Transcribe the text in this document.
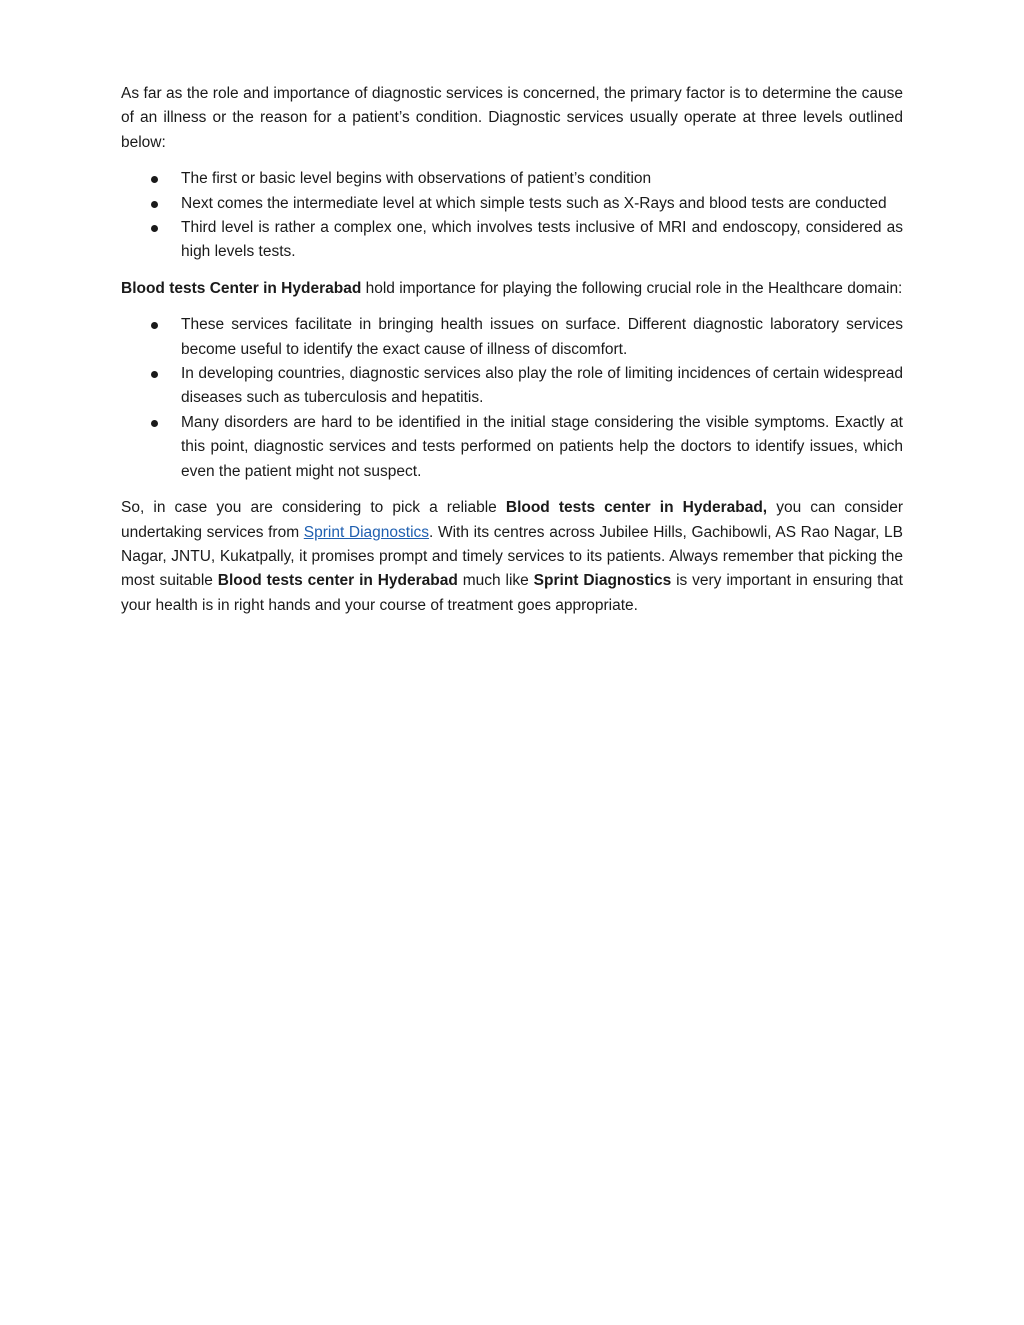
As far as the role and importance of diagnostic services is concerned, the primary factor is to determine the cause of an illness or the reason for a patient’s condition. Diagnostic services usually operate at three levels outlined below:

The first or basic level begins with observations of patient’s condition
Next comes the intermediate level at which simple tests such as X-Rays and blood tests are conducted
Third level is rather a complex one, which involves tests inclusive of MRI and endoscopy, considered as high levels tests.

Blood tests Center in Hyderabad hold importance for playing the following crucial role in the Healthcare domain:

These services facilitate in bringing health issues on surface. Different diagnostic laboratory services become useful to identify the exact cause of illness of discomfort.
In developing countries, diagnostic services also play the role of limiting incidences of certain widespread diseases such as tuberculosis and hepatitis.
Many disorders are hard to be identified in the initial stage considering the visible symptoms. Exactly at this point, diagnostic services and tests performed on patients help the doctors to identify issues, which even the patient might not suspect.

So, in case you are considering to pick a reliable Blood tests center in Hyderabad, you can consider undertaking services from Sprint Diagnostics. With its centres across Jubilee Hills, Gachibowli, AS Rao Nagar, LB Nagar, JNTU, Kukatpally, it promises prompt and timely services to its patients. Always remember that picking the most suitable Blood tests center in Hyderabad much like Sprint Diagnostics is very important in ensuring that your health is in right hands and your course of treatment goes appropriate.
